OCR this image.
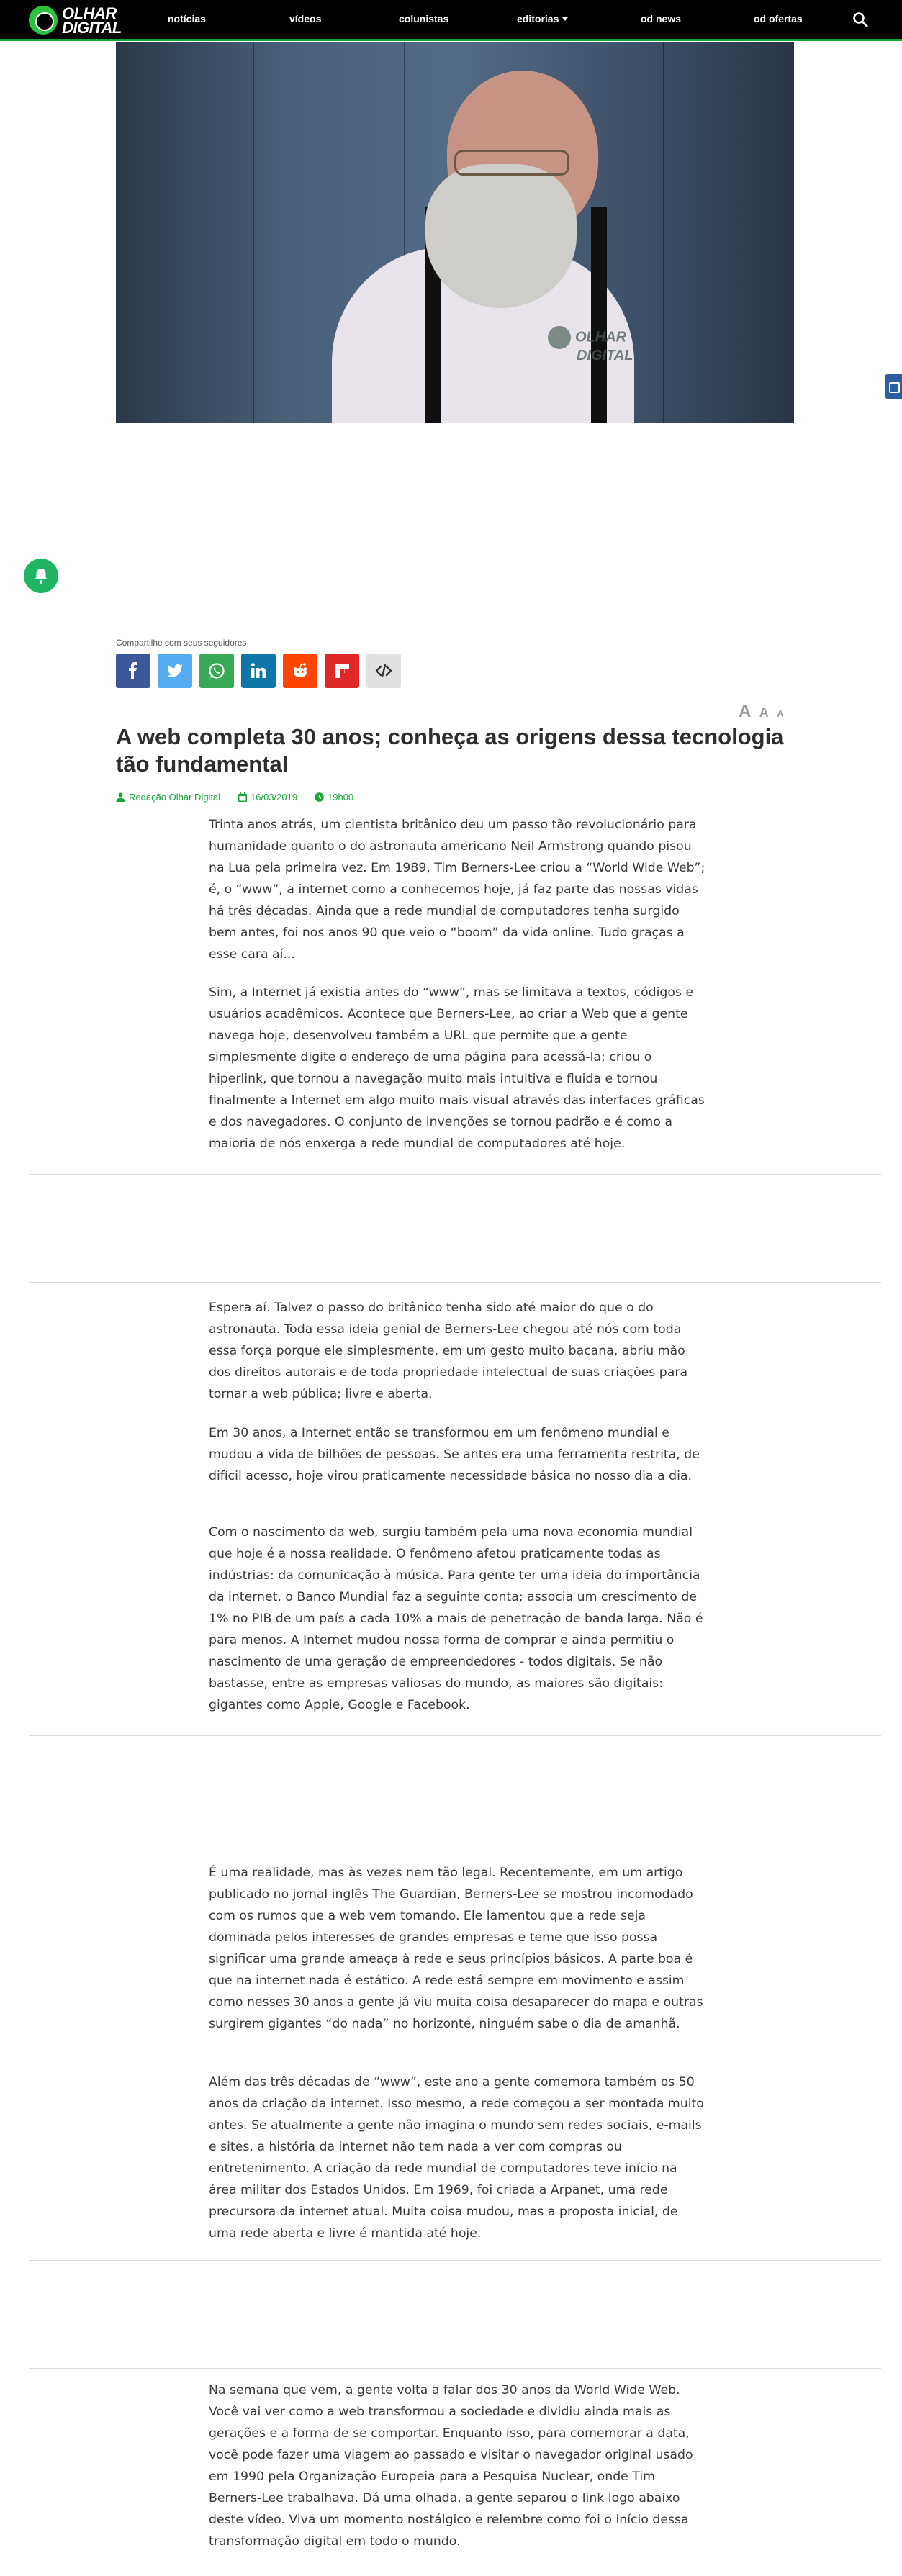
OLHAR
DIGITAL	notícias	vídeos	colunistas	editorias	od news	od ofertas
OLHAR
DIGITAL
Compartilhe com seus seguidores
A A A
A web completa 30 anos; conheça as origens dessa tecnologia tão fundamental
Redação Olhar Digital	16/03/2019	19h00

Trinta anos atrás, um cientista britânico deu um passo tão revolucionário para humanidade quanto o do astronauta americano Neil Armstrong quando pisou na Lua pela primeira vez. Em 1989, Tim Berners-Lee criou a “World Wide Web”; é, o “www”, a internet como a conhecemos hoje, já faz parte das nossas vidas há três décadas. Ainda que a rede mundial de computadores tenha surgido bem antes, foi nos anos 90 que veio o “boom” da vida online. Tudo graças a esse cara aí...

Sim, a Internet já existia antes do “www”, mas se limitava a textos, códigos e usuários acadêmicos. Acontece que Berners-Lee, ao criar a Web que a gente navega hoje, desenvolveu também a URL que permite que a gente simplesmente digite o endereço de uma página para acessá-la; criou o hiperlink, que tornou a navegação muito mais intuitiva e fluida e tornou finalmente a Internet em algo muito mais visual através das interfaces gráficas e dos navegadores. O conjunto de invenções se tornou padrão e é como a maioria de nós enxerga a rede mundial de computadores até hoje.

Espera aí. Talvez o passo do britânico tenha sido até maior do que o do astronauta. Toda essa ideia genial de Berners-Lee chegou até nós com toda essa força porque ele simplesmente, em um gesto muito bacana, abriu mão dos direitos autorais e de toda propriedade intelectual de suas criações para tornar a web pública; livre e aberta.

Em 30 anos, a Internet então se transformou em um fenômeno mundial e mudou a vida de bilhões de pessoas. Se antes era uma ferramenta restrita, de difícil acesso, hoje virou praticamente necessidade básica no nosso dia a dia.

Com o nascimento da web, surgiu também pela uma nova economia mundial que hoje é a nossa realidade. O fenômeno afetou praticamente todas as indústrias: da comunicação à música. Para gente ter uma ideia do importância da internet, o Banco Mundial faz a seguinte conta; associa um crescimento de 1% no PIB de um país a cada 10% a mais de penetração de banda larga. Não é para menos. A Internet mudou nossa forma de comprar e ainda permitiu o nascimento de uma geração de empreendedores - todos digitais. Se não bastasse, entre as empresas valiosas do mundo, as maiores são digitais: gigantes como Apple, Google e Facebook.

É uma realidade, mas às vezes nem tão legal. Recentemente, em um artigo publicado no jornal inglês The Guardian, Berners-Lee se mostrou incomodado com os rumos que a web vem tomando. Ele lamentou que a rede seja dominada pelos interesses de grandes empresas e teme que isso possa significar uma grande ameaça à rede e seus princípios básicos. A parte boa é que na internet nada é estático. A rede está sempre em movimento e assim como nesses 30 anos a gente já viu muita coisa desaparecer do mapa e outras surgirem gigantes “do nada” no horizonte, ninguém sabe o dia de amanhã.

Além das três décadas de “www”, este ano a gente comemora também os 50 anos da criação da internet. Isso mesmo, a rede começou a ser montada muito antes. Se atualmente a gente não imagina o mundo sem redes sociais, e-mails e sites, a história da internet não tem nada a ver com compras ou entretenimento. A criação da rede mundial de computadores teve início na área militar dos Estados Unidos. Em 1969, foi criada a Arpanet, uma rede precursora da internet atual. Muita coisa mudou, mas a proposta inicial, de uma rede aberta e livre é mantida até hoje.

Na semana que vem, a gente volta a falar dos 30 anos da World Wide Web. Você vai ver como a web transformou a sociedade e dividiu ainda mais as gerações e a forma de se comportar. Enquanto isso, para comemorar a data, você pode fazer uma viagem ao passado e visitar o navegador original usado em 1990 pela Organização Europeia para a Pesquisa Nuclear, onde Tim Berners-Lee trabalhava. Dá uma olhada, a gente separou o link logo abaixo deste vídeo. Viva um momento nostálgico e relembre como foi o início dessa transformação digital em todo o mundo.
